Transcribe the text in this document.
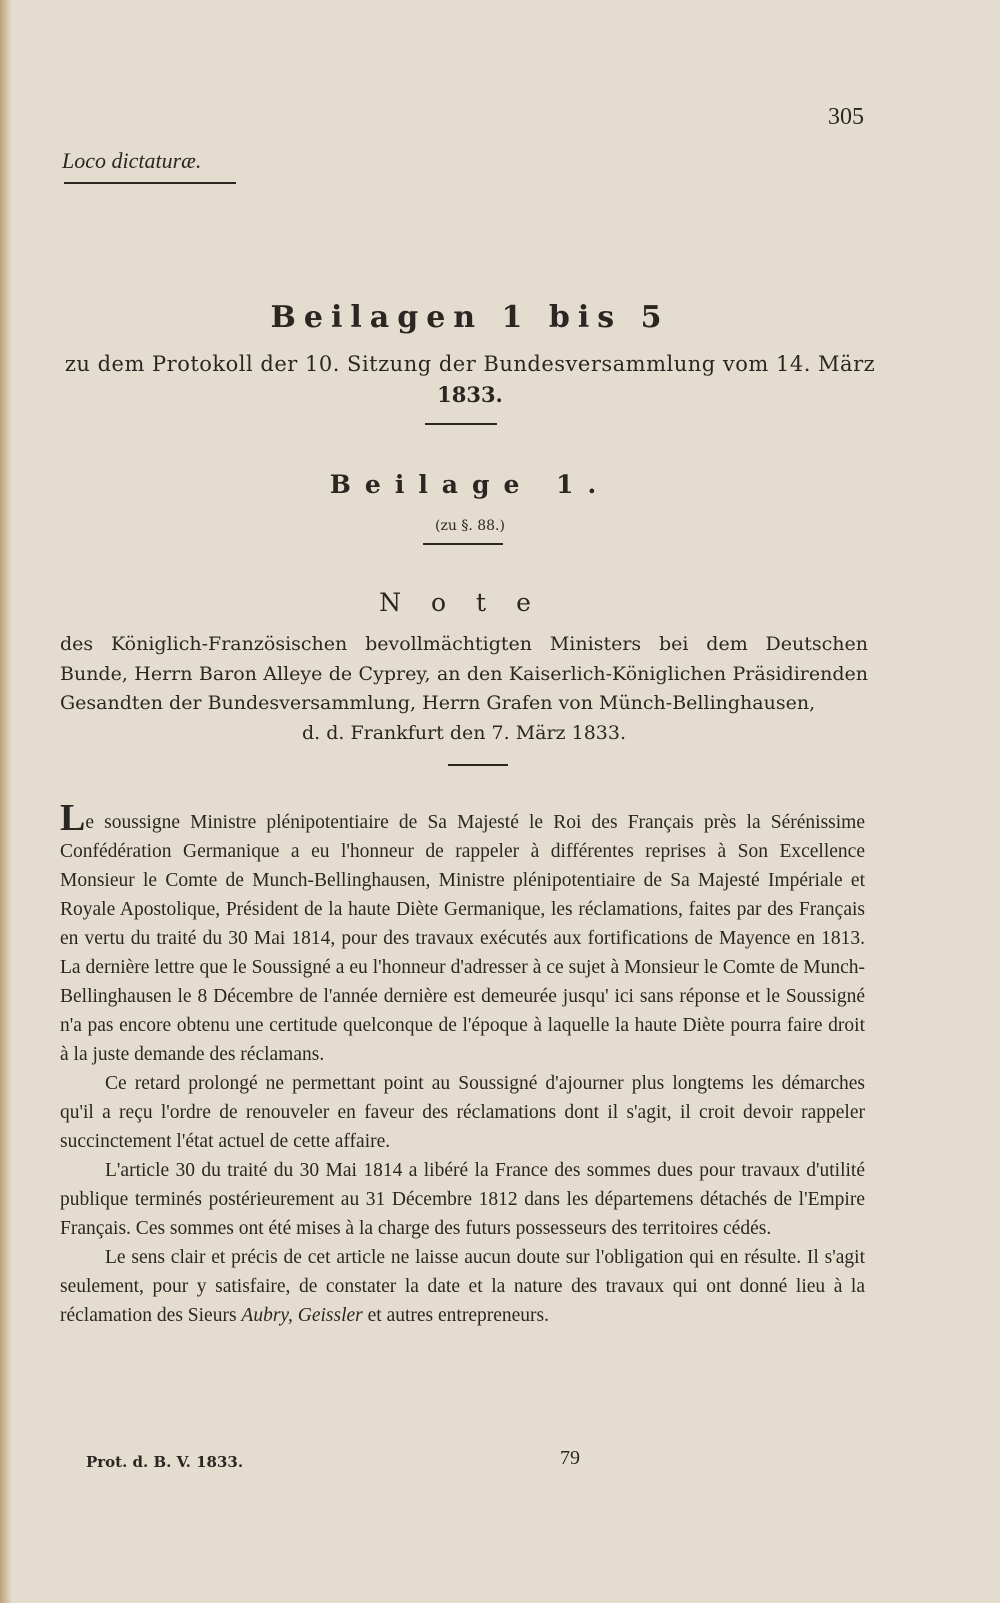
305
Loco dictaturæ.
Beilagen 1 bis 5
zu dem Protokoll der 10. Sitzung der Bundesversammlung vom 14. März
1833.
Beilage 1.
(zu §. 88.)
Note
des Königlich-Französischen bevollmächtigten Ministers bei dem Deutschen Bunde, Herrn Baron Alleye de Cyprey, an den Kaiserlich-Königlichen Präsidirenden Gesandten der Bundesversammlung, Herrn Grafen von Münch-Bellinghausen,
d. d. Frankfurt den 7. März 1833.

Le soussigne Ministre plénipotentiaire de Sa Majesté le Roi des Français près la Sérénissime Confédération Germanique a eu l'honneur de rappeler à différentes reprises à Son Excellence Monsieur le Comte de Munch-Bellinghausen, Ministre plénipotentiaire de Sa Majesté Impériale et Royale Apostolique, Président de la haute Diète Germanique, les réclamations, faites par des Français en vertu du traité du 30 Mai 1814, pour des travaux exécutés aux fortifications de Mayence en 1813. La dernière lettre que le Soussigné a eu l'honneur d'adresser à ce sujet à Monsieur le Comte de Munch-Bellinghausen le 8 Décembre de l'année dernière est demeurée jusqu' ici sans réponse et le Soussigné n'a pas encore obtenu une certitude quelconque de l'époque à laquelle la haute Diète pourra faire droit à la juste demande des réclamans.

Ce retard prolongé ne permettant point au Soussigné d'ajourner plus longtems les démarches qu'il a reçu l'ordre de renouveler en faveur des réclamations dont il s'agit, il croit devoir rappeler succinctement l'état actuel de cette affaire.

L'article 30 du traité du 30 Mai 1814 a libéré la France des sommes dues pour travaux d'utilité publique terminés postérieurement au 31 Décembre 1812 dans les départemens détachés de l'Empire Français. Ces sommes ont été mises à la charge des futurs possesseurs des territoires cédés.

Le sens clair et précis de cet article ne laisse aucun doute sur l'obligation qui en résulte. Il s'agit seulement, pour y satisfaire, de constater la date et la nature des travaux qui ont donné lieu à la réclamation des Sieurs Aubry, Geissler et autres entrepreneurs.

Prot. d. B. V. 1833.	79
